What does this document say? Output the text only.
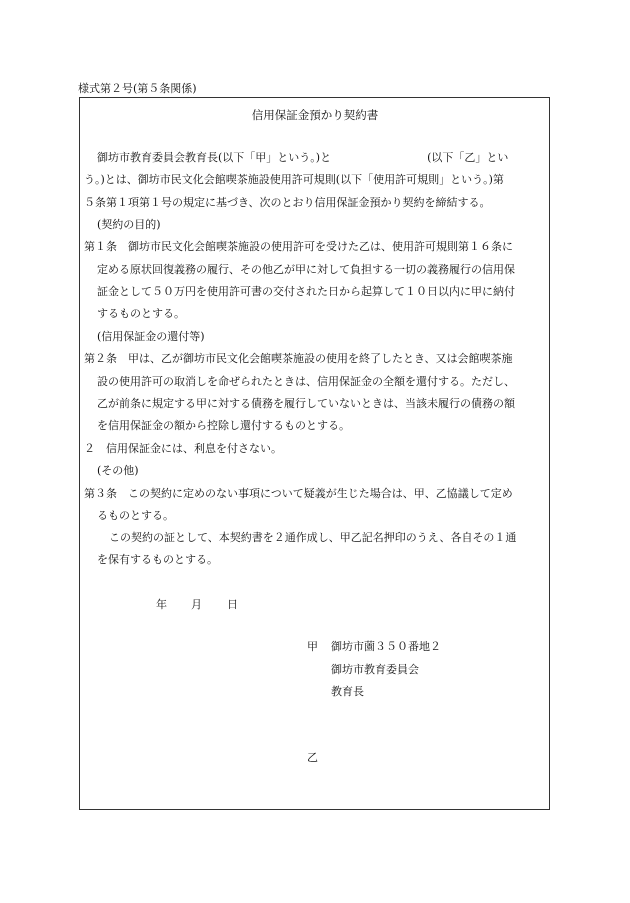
様式第２号(第５条関係)
信用保証金預かり契約書
御坊市教育委員会教育長(以下「甲」という。)と	(以下「乙」とい
う。)とは、御坊市民文化会館喫茶施設使用許可規則(以下「使用許可規則」という。)第
５条第１項第１号の規定に基づき、次のとおり信用保証金預かり契約を締結する。
(契約の目的)
第１条　御坊市民文化会館喫茶施設の使用許可を受けた乙は、使用許可規則第１６条に
定める原状回復義務の履行、その他乙が甲に対して負担する一切の義務履行の信用保
証金として５０万円を使用許可書の交付された日から起算して１０日以内に甲に納付
するものとする。
(信用保証金の還付等)
第２条　甲は、乙が御坊市民文化会館喫茶施設の使用を終了したとき、又は会館喫茶施
設の使用許可の取消しを命ぜられたときは、信用保証金の全額を還付する。ただし、
乙が前条に規定する甲に対する債務を履行していないときは、当該未履行の債務の額
を信用保証金の額から控除し還付するものとする。
２　信用保証金には、利息を付さない。
(その他)
第３条　この契約に定めのない事項について疑義が生じた場合は、甲、乙協議して定め
るものとする。
この契約の証として、本契約書を２通作成し、甲乙記名押印のうえ、各自その１通
を保有するものとする。
年 月 日
甲 御坊市薗３５０番地２
御坊市教育委員会
教育長
乙
